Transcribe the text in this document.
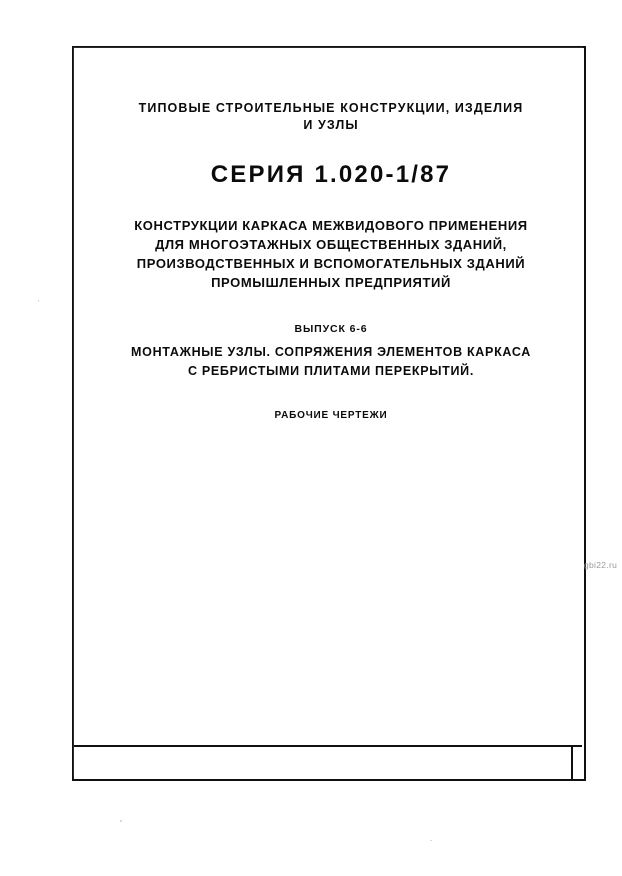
ТИПОВЫЕ СТРОИТЕЛЬНЫЕ КОНСТРУКЦИИ, ИЗДЕЛИЯ
И УЗЛЫ
СЕРИЯ 1.020-1/87
КОНСТРУКЦИИ КАРКАСА МЕЖВИДОВОГО ПРИМЕНЕНИЯ
ДЛЯ МНОГОЭТАЖНЫХ ОБЩЕСТВЕННЫХ ЗДАНИЙ,
ПРОИЗВОДСТВЕННЫХ И ВСПОМОГАТЕЛЬНЫХ ЗДАНИЙ
ПРОМЫШЛЕННЫХ ПРЕДПРИЯТИЙ
ВЫПУСК 6-6
МОНТАЖНЫЕ УЗЛЫ. СОПРЯЖЕНИЯ ЭЛЕМЕНТОВ КАРКАСА
С РЕБРИСТЫМИ ПЛИТАМИ ПЕРЕКРЫТИЙ.
РАБОЧИЕ ЧЕРТЕЖИ
gbi22.ru
